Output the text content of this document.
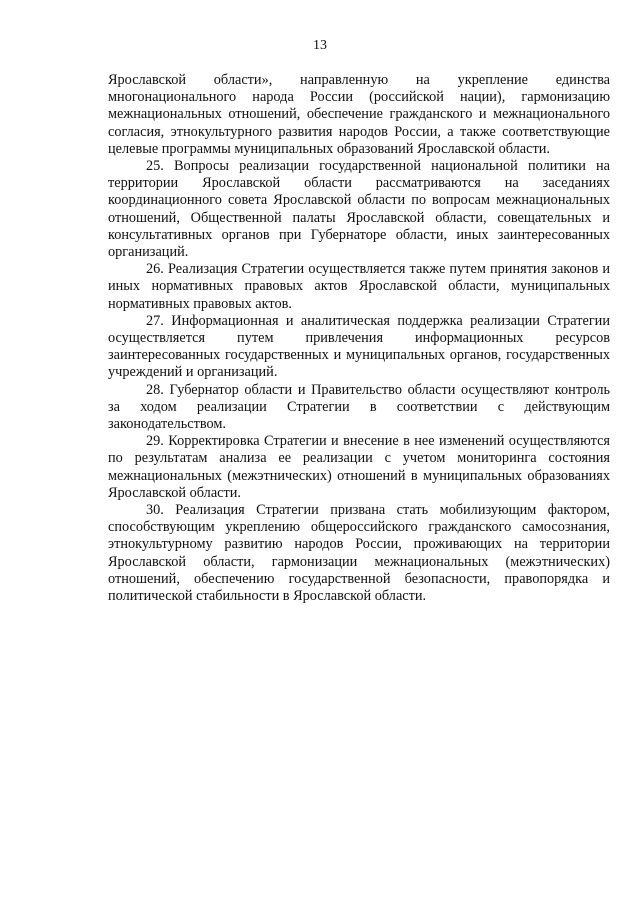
13

Ярославской области», направленную на укрепление единства многонационального народа России (российской нации), гармонизацию межнациональных отношений, обеспечение гражданского и межнационального согласия, этнокультурного развития народов России, а также соответствующие целевые программы муниципальных образований Ярославской области.

25. Вопросы реализации государственной национальной политики на территории Ярославской области рассматриваются на заседаниях координационного совета Ярославской области по вопросам межнациональных отношений, Общественной палаты Ярославской области, совещательных и консультативных органов при Губернаторе области, иных заинтересованных организаций.

26. Реализация Стратегии осуществляется также путем принятия законов и иных нормативных правовых актов Ярославской области, муниципальных нормативных правовых актов.

27. Информационная и аналитическая поддержка реализации Стратегии осуществляется путем привлечения информационных ресурсов заинтересованных государственных и муниципальных органов, государственных учреждений и организаций.

28. Губернатор области и Правительство области осуществляют контроль за ходом реализации Стратегии в соответствии с действующим законодательством.

29. Корректировка Стратегии и внесение в нее изменений осуществляются по результатам анализа ее реализации с учетом мониторинга состояния межнациональных (межэтнических) отношений в муниципальных образованиях Ярославской области.

30. Реализация Стратегии призвана стать мобилизующим фактором, способствующим укреплению общероссийского гражданского самосознания, этнокультурному развитию народов России, проживающих на территории Ярославской области, гармонизации межнациональных (межэтнических) отношений, обеспечению государственной безопасности, правопорядка и политической стабильности в Ярославской области.
